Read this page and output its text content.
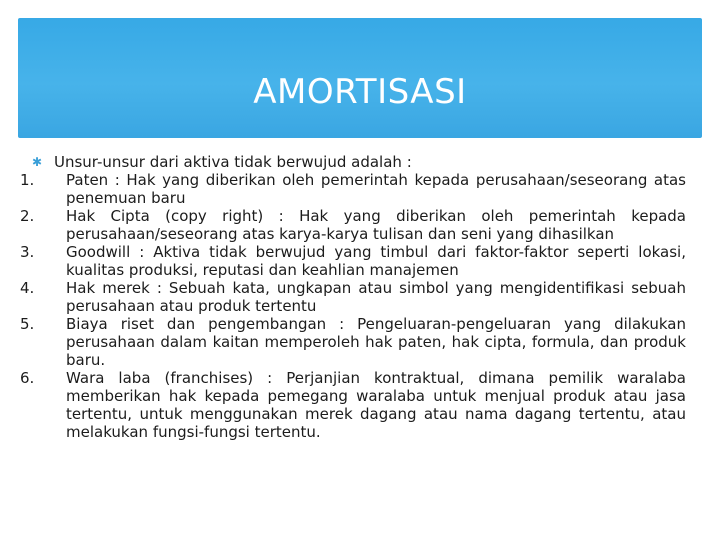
AMORTISASI

✱ Unsur-unsur dari aktiva tidak berwujud adalah :

1.	Paten : Hak yang diberikan oleh pemerintah kepada perusahaan/seseorang atas penemuan baru
2.	Hak Cipta (copy right) : Hak yang diberikan oleh pemerintah kepada perusahaan/seseorang atas karya-karya tulisan dan seni yang dihasilkan
3.	Goodwill : Aktiva tidak berwujud yang timbul dari faktor-faktor seperti lokasi, kualitas produksi, reputasi dan keahlian manajemen
4.	Hak merek : Sebuah kata, ungkapan atau simbol yang mengidentifikasi sebuah perusahaan atau produk tertentu
5.	Biaya riset dan pengembangan : Pengeluaran-pengeluaran yang dilakukan perusahaan dalam kaitan memperoleh hak paten, hak cipta, formula, dan produk baru.
6.	Wara laba (franchises) : Perjanjian kontraktual, dimana pemilik waralaba memberikan hak kepada pemegang waralaba untuk menjual produk atau jasa tertentu, untuk menggunakan merek dagang atau nama dagang tertentu, atau melakukan fungsi-fungsi tertentu.
